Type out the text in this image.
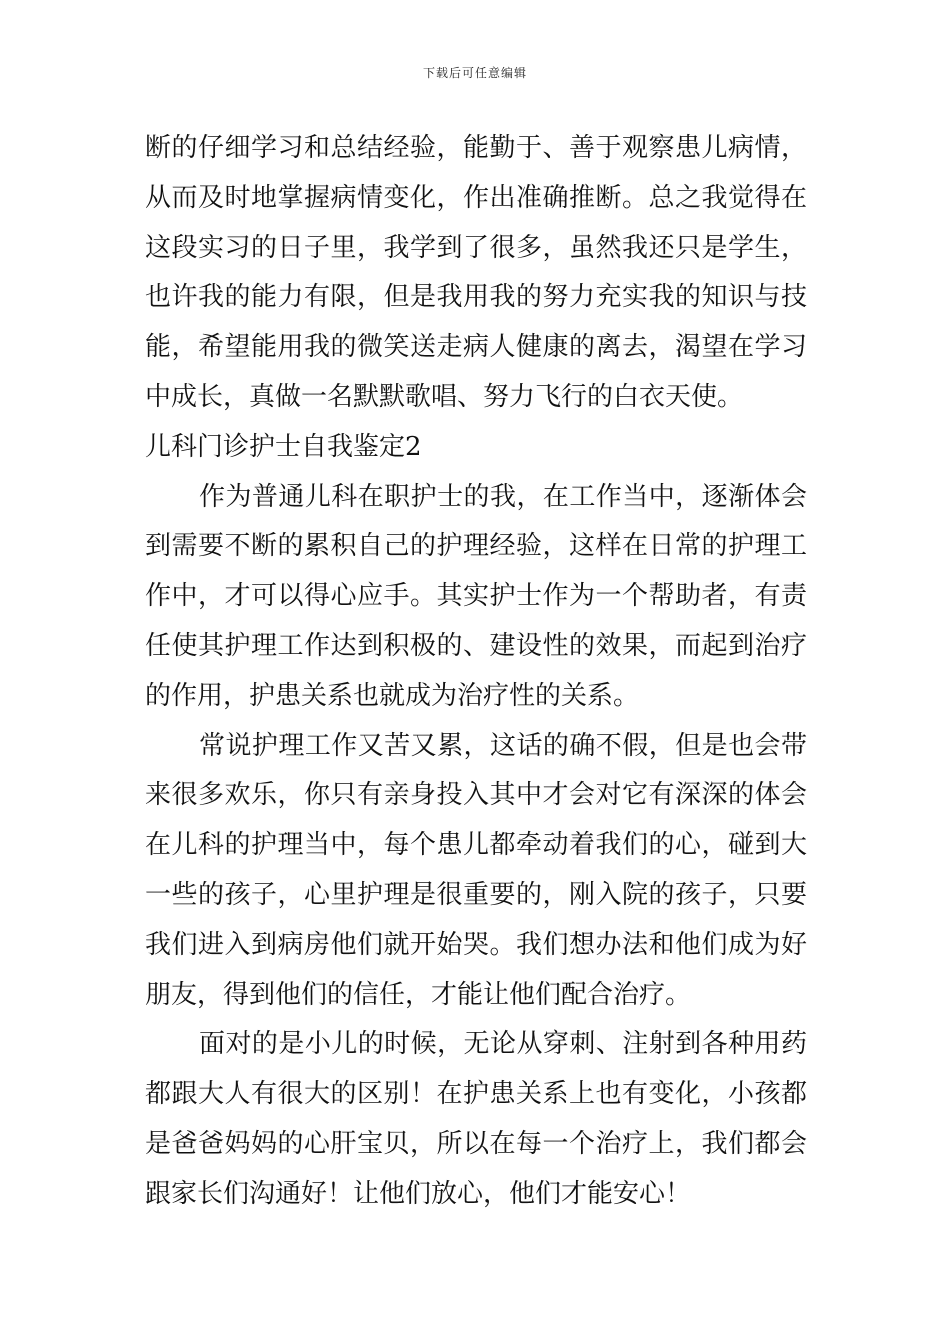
下载后可任意编辑
断的仔细学习和总结经验，能勤于、善于观察患儿病情，
从而及时地掌握病情变化，作出准确推断。总之我觉得在
这段实习的日子里，我学到了很多，虽然我还只是学生，
也许我的能力有限，但是我用我的努力充实我的知识与技
能，希望能用我的微笑送走病人健康的离去，渴望在学习
中成长，真做一名默默歌唱、努力飞行的白衣天使。
儿科门诊护士自我鉴定2
作为普通儿科在职护士的我，在工作当中，逐渐体会
到需要不断的累积自己的护理经验，这样在日常的护理工
作中，才可以得心应手。其实护士作为一个帮助者，有责
任使其护理工作达到积极的、建设性的效果，而起到治疗
的作用，护患关系也就成为治疗性的关系。
常说护理工作又苦又累，这话的确不假，但是也会带
来很多欢乐，你只有亲身投入其中才会对它有深深的体会
在儿科的护理当中，每个患儿都牵动着我们的心，碰到大
一些的孩子，心里护理是很重要的，刚入院的孩子，只要
我们进入到病房他们就开始哭。我们想办法和他们成为好
朋友，得到他们的信任，才能让他们配合治疗。
面对的是小儿的时候，无论从穿刺、注射到各种用药
都跟大人有很大的区别！在护患关系上也有变化，小孩都
是爸爸妈妈的心肝宝贝，所以在每一个治疗上，我们都会
跟家长们沟通好！让他们放心，他们才能安心！
